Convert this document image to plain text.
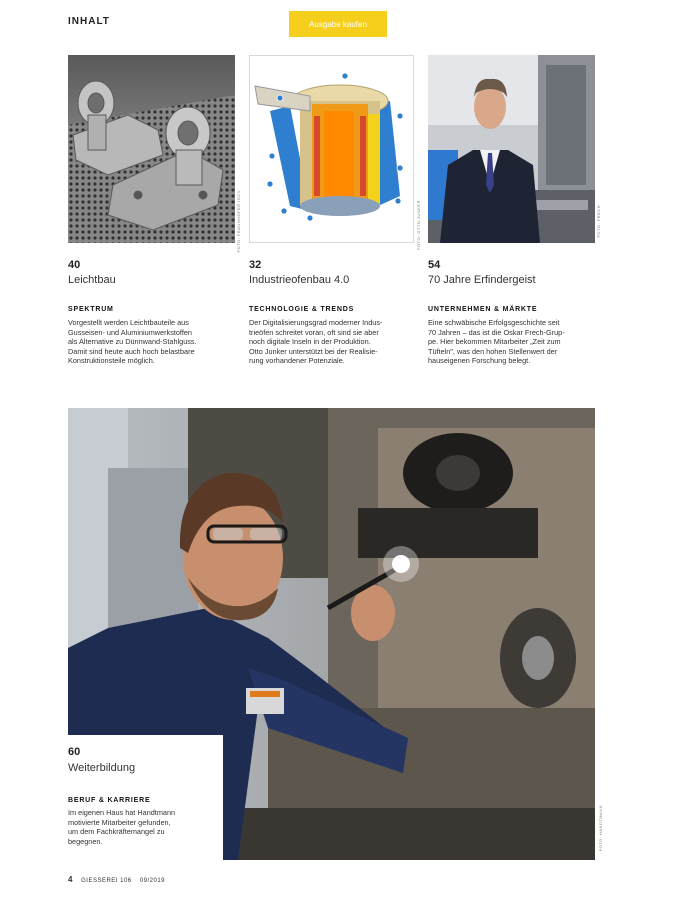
INHALT	Ausgabe kaufen
FOTO: FRAUNHOFER IGCV	FOTO: OTTO JUNKER	FOTO: FRECH
40
Leichtbau
SPEKTRUM
Vorgestellt werden Leichtbauteile aus
Gusseisen- und Aluminiumwerkstoffen
als Alternative zu Dünnwand-Stahlguss.
Damit sind heute auch hoch belastbare
Konstruktionsteile möglich.
32
Industrieofenbau 4.0
TECHNOLOGIE & TRENDS
Der Digitalisierungsgrad moderner Indus-
trieöfen schreitet voran, oft sind sie aber
noch digitale Inseln in der Produktion.
Otto Junker unterstützt bei der Realisie-
rung vorhandener Potenziale.
54
70 Jahre Erfindergeist
UNTERNEHMEN & MÄRKTE
Eine schwäbische Erfolgsgeschichte seit
70 Jahren – das ist die Oskar Frech-Grup-
pe. Hier bekommen Mitarbeiter „Zeit zum
Tüfteln", was den hohen Stellenwert der
hauseigenen Forschung belegt.
FOTO: HANDTMANN
60
Weiterbildung
BERUF & KARRIERE
Im eigenen Haus hat Handtmann
motivierte Mitarbeiter gefunden,
um dem Fachkräftemangel zu
begegnen.
4 GIESSEREI 106 09/2019
